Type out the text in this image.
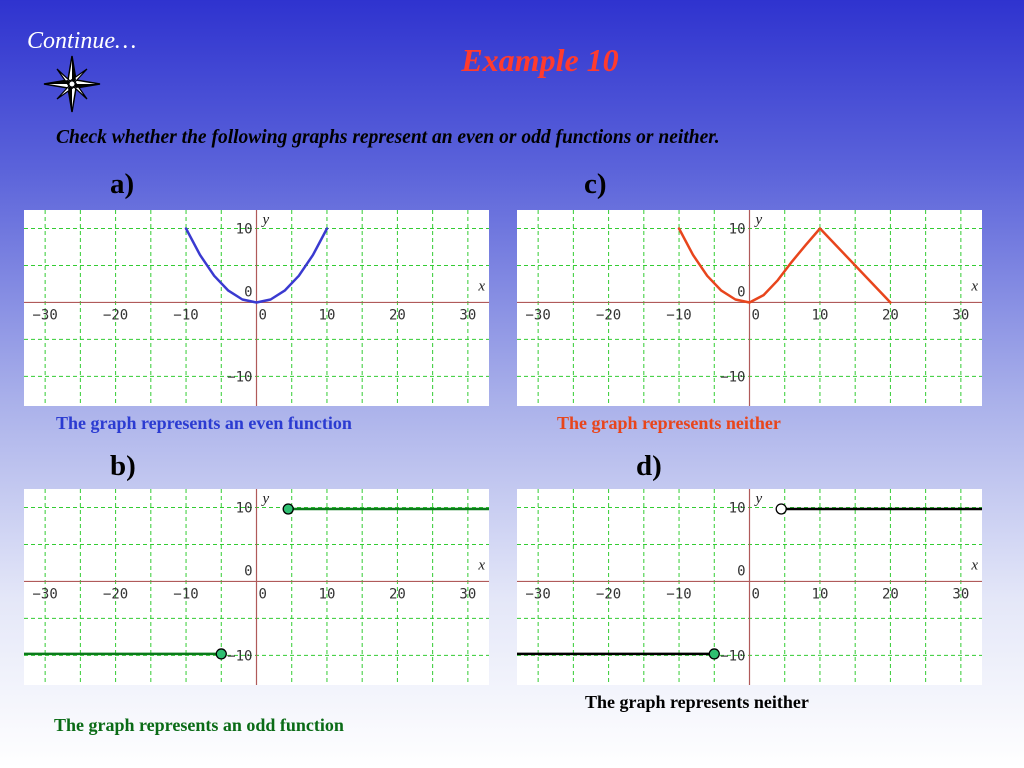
Continue…
Example 10
Check whether the following graphs represent an even or odd functions or neither.
a)	c)
b)	d)
−30	−20	−10	0	10	20	30
10
0
−10
x
y
−30	−20	−10	0	10	20	30
10
0
−10
x
y
−30	−20	−10	0	10	20	30
10
0
−10
x
y
−30	−20	−10	0	10	20	30
10
0
−10
x
y
The graph represents an even function	The graph represents neither
The graph represents an odd function
The graph represents neither
